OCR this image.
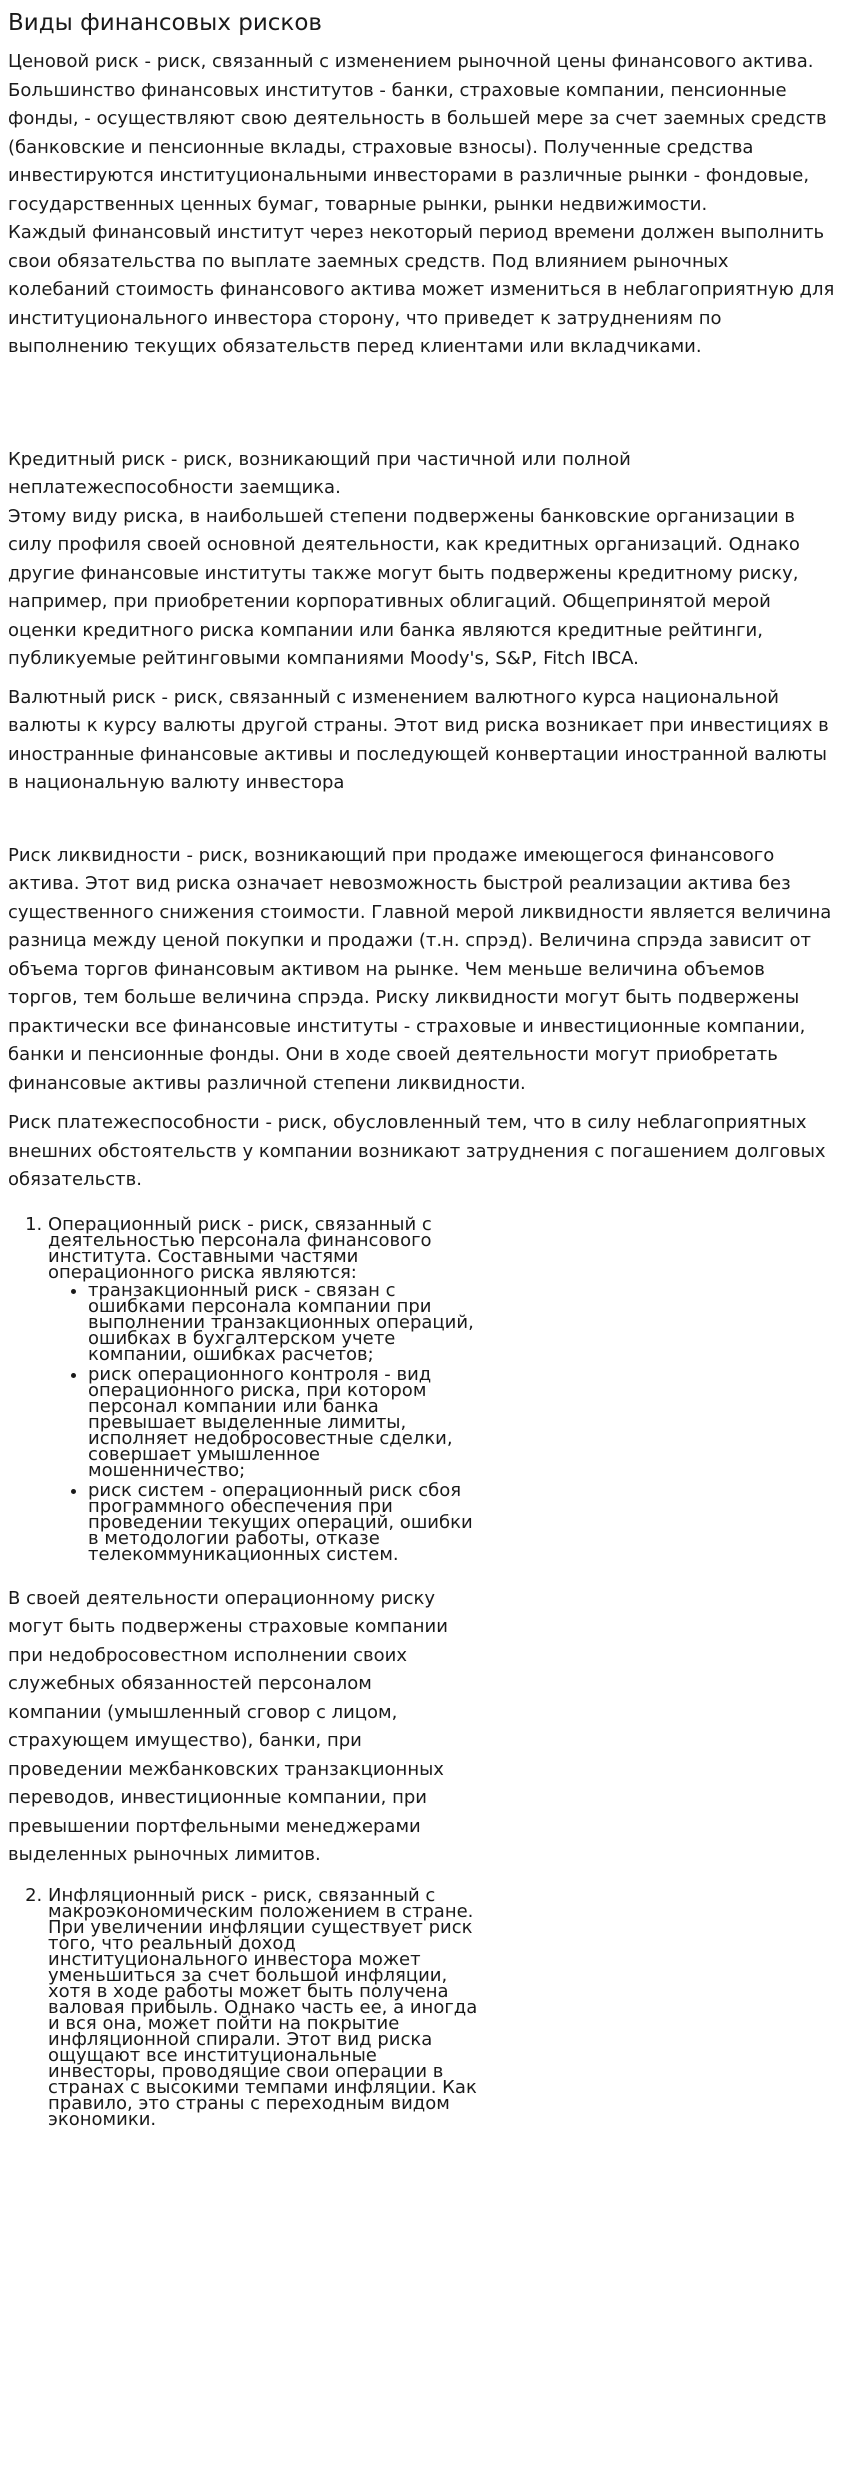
Виды финансовых рисков

Ценовой риск - риск, связанный с изменением рыночной цены финансового актива. Большинство финансовых институтов - банки, страховые компании, пенсионные фонды, - осуществляют свою деятельность в большей мере за счет заемных средств (банковские и пенсионные вклады, страховые взносы). Полученные средства инвестируются институциональными инвесторами в различные рынки - фондовые, государственных ценных бумаг, товарные рынки, рынки недвижимости.
Каждый финансовый институт через некоторый период времени должен выполнить свои обязательства по выплате заемных средств. Под влиянием рыночных колебаний стоимость финансового актива может измениться в неблагоприятную для институционального инвестора сторону, что приведет к затруднениям по выполнению текущих обязательств перед клиентами или вкладчиками.

Кредитный риск - риск, возникающий при частичной или полной неплатежеспособности заемщика.
Этому виду риска, в наибольшей степени подвержены банковские организации в силу профиля своей основной деятельности, как кредитных организаций. Однако другие финансовые институты также могут быть подвержены кредитному риску, например, при приобретении корпоративных облигаций. Общепринятой мерой оценки кредитного риска компании или банка являются кредитные рейтинги, публикуемые рейтинговыми компаниями Moody's, S&P, Fitch IBCA.

Валютный риск - риск, связанный с изменением валютного курса национальной валюты к курсу валюты другой страны. Этот вид риска возникает при инвестициях в иностранные финансовые активы и последующей конвертации иностранной валюты в национальную валюту инвестора

Риск ликвидности - риск, возникающий при продаже имеющегося финансового актива. Этот вид риска означает невозможность быстрой реализации актива без существенного снижения стоимости. Главной мерой ликвидности является величина разница между ценой покупки и продажи (т.н. спрэд). Величина спрэда зависит от объема торгов финансовым активом на рынке. Чем меньше величина объемов торгов, тем больше величина спрэда. Риску ликвидности могут быть подвержены практически все финансовые институты - страховые и инвестиционные компании, банки и пенсионные фонды. Они в ходе своей деятельности могут приобретать финансовые активы различной степени ликвидности.

Риск платежеспособности - риск, обусловленный тем, что в силу неблагоприятных внешних обстоятельств у компании возникают затруднения с погашением долговых обязательств.

1. Операционный риск - риск, связанный с деятельностью персонала финансового института. Составными частями операционного риска являются:
• транзакционный риск - связан с ошибками персонала компании при выполнении транзакционных операций, ошибках в бухгалтерском учете компании, ошибках расчетов;
• риск операционного контроля - вид операционного риска, при котором персонал компании или банка превышает выделенные лимиты, исполняет недобросовестные сделки, совершает умышленное мошенничество;
• риск систем - операционный риск сбоя программного обеспечения при проведении текущих операций, ошибки в методологии работы, отказе телекоммуникационных систем.

В своей деятельности операционному риску могут быть подвержены страховые компании при недобросовестном исполнении своих служебных обязанностей персоналом компании (умышленный сговор с лицом, страхующем имущество), банки, при проведении межбанковских транзакционных переводов, инвестиционные компании, при превышении портфельными менеджерами выделенных рыночных лимитов.

2. Инфляционный риск - риск, связанный с макроэкономическим положением в стране. При увеличении инфляции существует риск того, что реальный доход институционального инвестора может уменьшиться за счет большой инфляции, хотя в ходе работы может быть получена валовая прибыль. Однако часть ее, а иногда и вся она, может пойти на покрытие инфляционной спирали. Этот вид риска ощущают все институциональные инвесторы, проводящие свои операции в странах с высокими темпами инфляции. Как правило, это страны с переходным видом экономики.
